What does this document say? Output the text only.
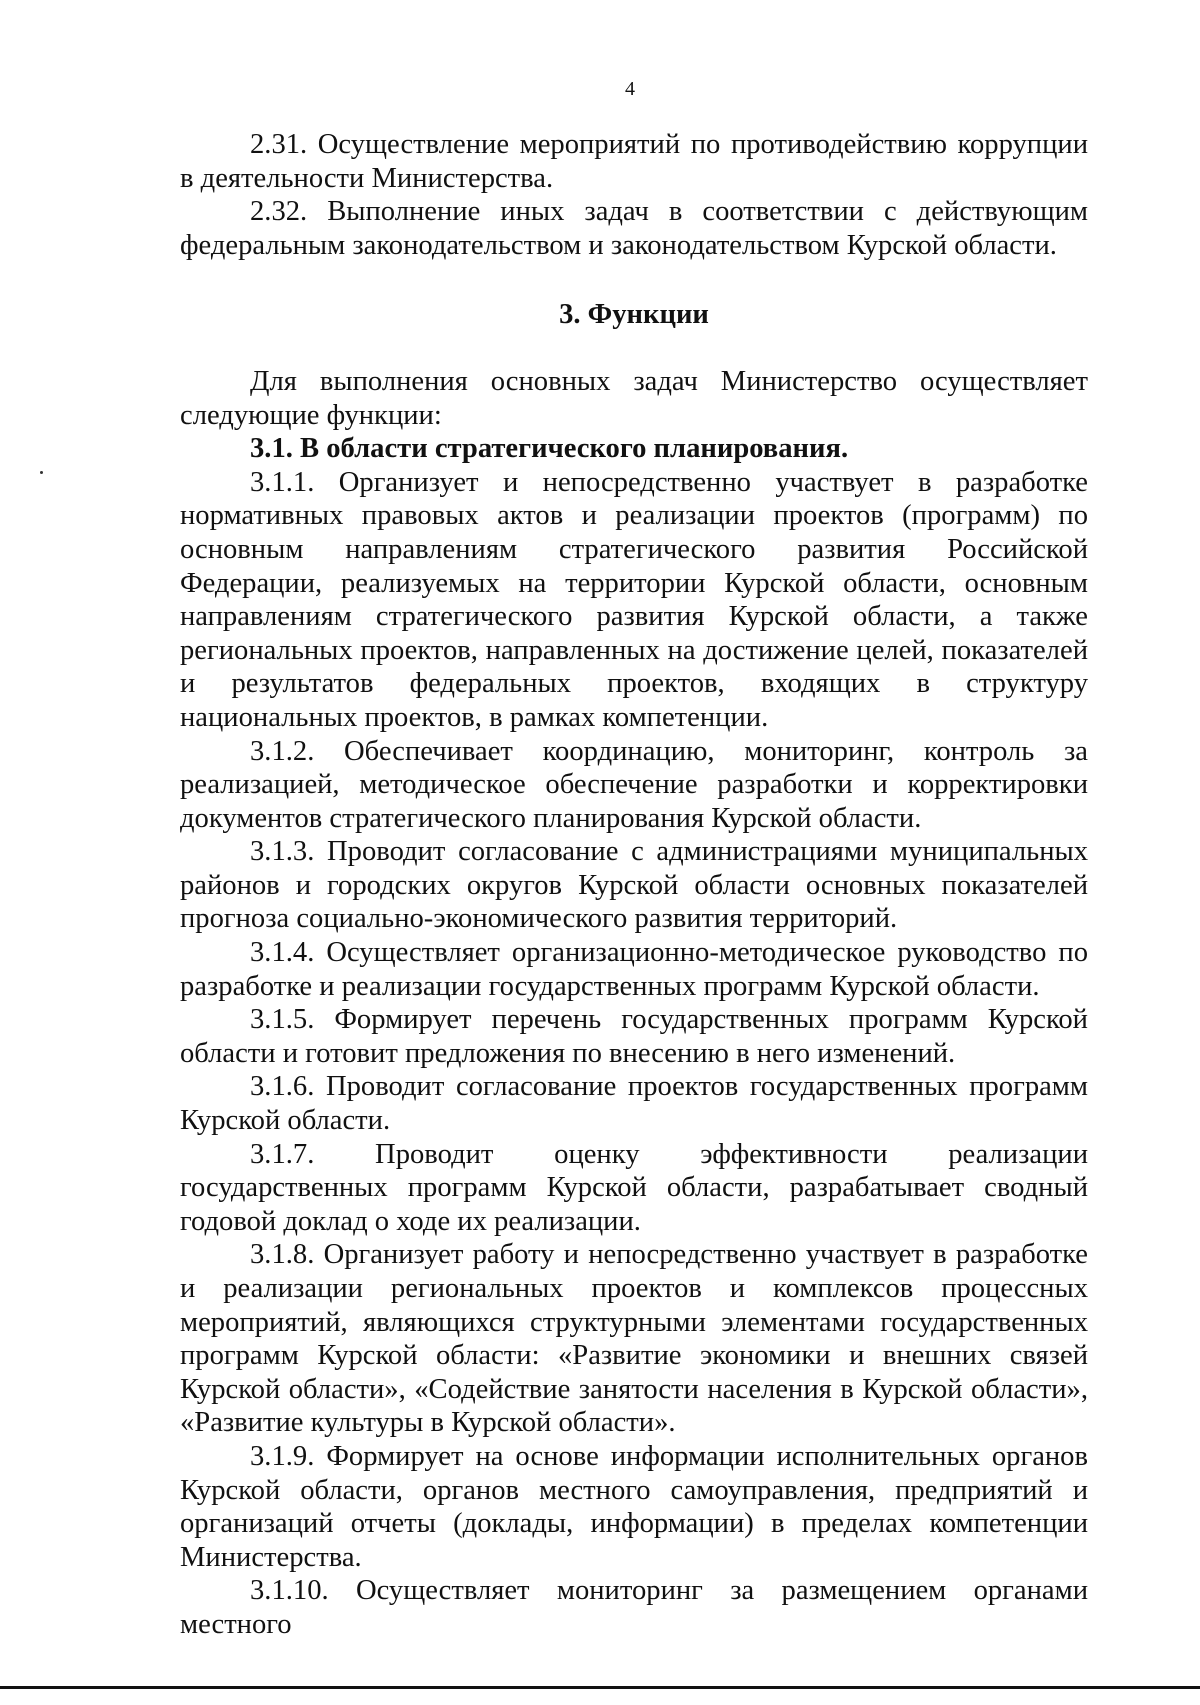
4

2.31. Осуществление мероприятий по противодействию коррупции в деятельности Министерства.

2.32. Выполнение иных задач в соответствии с действующим федеральным законодательством и законодательством Курской области.

3. Функции

Для выполнения основных задач Министерство осуществляет следующие функции:

3.1. В области стратегического планирования.

3.1.1. Организует и непосредственно участвует в разработке нормативных правовых актов и реализации проектов (программ) по основным направлениям стратегического развития Российской Федерации, реализуемых на территории Курской области, основным направлениям стратегического развития Курской области, а также региональных проектов, направленных на достижение целей, показателей и результатов федеральных проектов, входящих в структуру национальных проектов, в рамках компетенции.

3.1.2. Обеспечивает координацию, мониторинг, контроль за реализацией, методическое обеспечение разработки и корректировки документов стратегического планирования Курской области.

3.1.3. Проводит согласование с администрациями муниципальных районов и городских округов Курской области основных показателей прогноза социально-экономического развития территорий.

3.1.4. Осуществляет организационно-методическое руководство по разработке и реализации государственных программ Курской области.

3.1.5. Формирует перечень государственных программ Курской области и готовит предложения по внесению в него изменений.

3.1.6. Проводит согласование проектов государственных программ Курской области.

3.1.7. Проводит оценку эффективности реализации государственных программ Курской области, разрабатывает сводный годовой доклад о ходе их реализации.

3.1.8. Организует работу и непосредственно участвует в разработке и реализации региональных проектов и комплексов процессных мероприятий, являющихся структурными элементами государственных программ Курской области: «Развитие экономики и внешних связей Курской области», «Содействие занятости населения в Курской области», «Развитие культуры в Курской области».

3.1.9. Формирует на основе информации исполнительных органов Курской области, органов местного самоуправления, предприятий и организаций отчеты (доклады, информации) в пределах компетенции Министерства.

3.1.10. Осуществляет мониторинг за размещением органами местного
